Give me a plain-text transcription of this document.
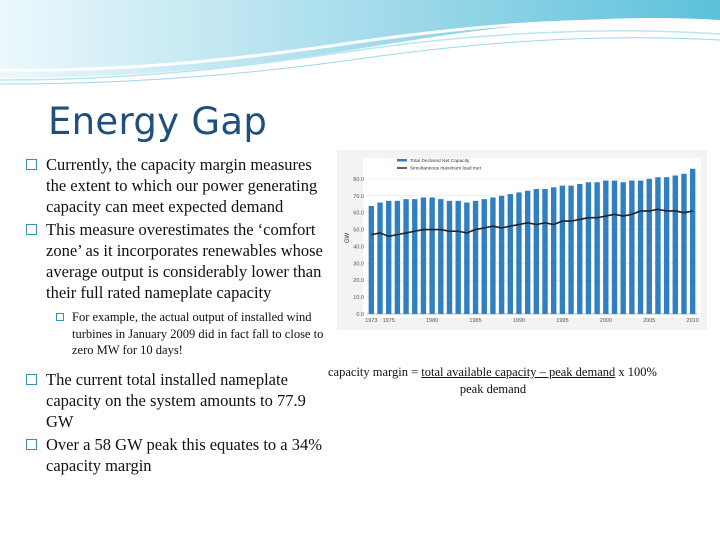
Energy Gap
Currently, the capacity margin measures the extent to which our power generating capacity can meet expected demand
This measure overestimates the ‘comfort zone’ as it incorporates renewables whose average output is considerably lower than their full rated nameplate capacity
For example, the actual output of installed wind turbines in January 2009 did in fact fall to close to zero MW for 10 days!
The current total installed nameplate capacity on the system amounts to 77.9 GW
Over a 58 GW peak this equates to a 34% capacity margin
0.0
10.0
20.0
30.0
40.0
50.0
60.0
70.0
80.0
GW
1973 1975	1980	1985	1990	1995	2000	2005	2010
Total Declared Net Capacity
Simultaneous maximum load met
capacity margin = total available capacity – peak demand x 100%
peak demand
